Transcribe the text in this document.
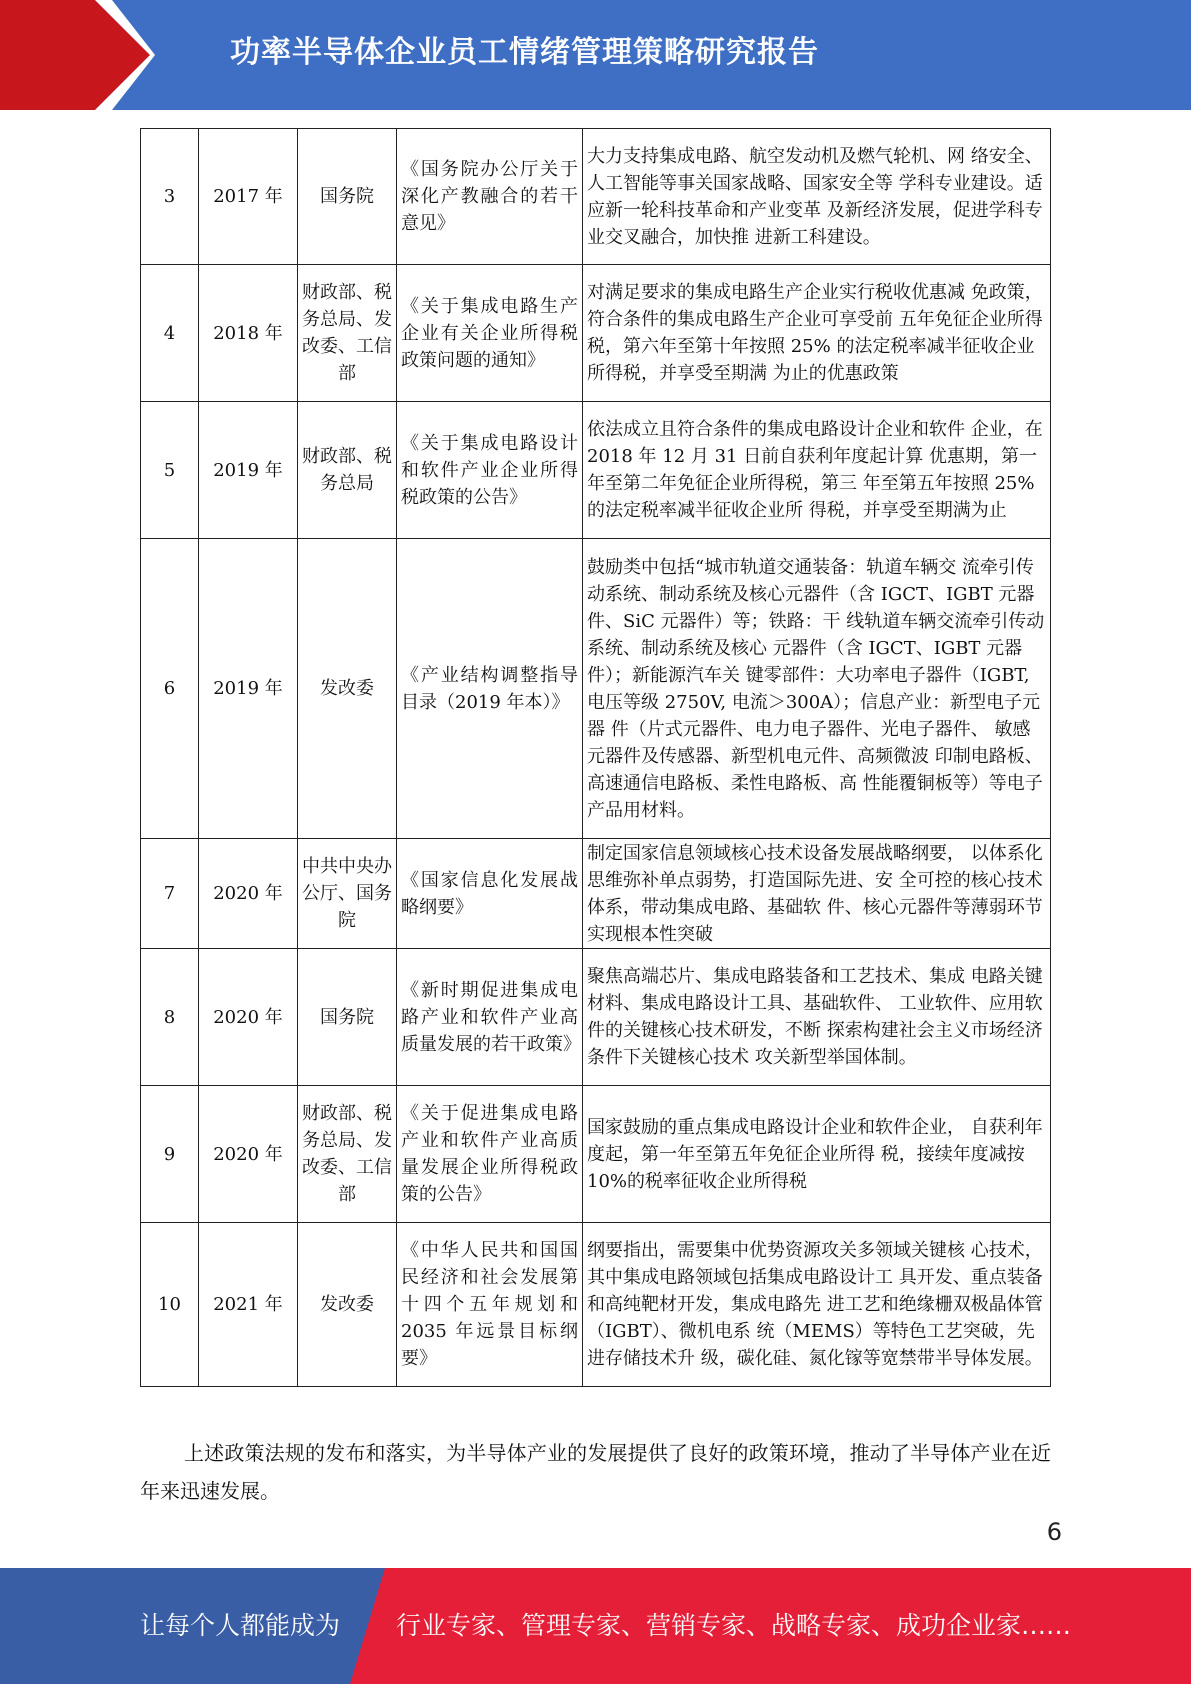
功率半导体企业员工情绪管理策略研究报告
3	2017 年	国务院	《国务院办公厅关于深化产教融合的若干意见》	大力支持集成电路、航空发动机及燃气轮机、网 络安全、人工智能等事关国家战略、国家安全等 学科专业建设。适应新一轮科技革命和产业变革 及新经济发展，促进学科专业交叉融合，加快推 进新工科建设。
4	2018 年	财政部、税务总局、发改委、工信部	《关于集成电路生产企业有关企业所得税政策问题的通知》	对满足要求的集成电路生产企业实行税收优惠减 免政策，符合条件的集成电路生产企业可享受前 五年免征企业所得税，第六年至第十年按照 25% 的法定税率减半征收企业所得税，并享受至期满 为止的优惠政策
5	2019 年	财政部、税务总局	《关于集成电路设计和软件产业企业所得税政策的公告》	依法成立且符合条件的集成电路设计企业和软件 企业，在 2018 年 12 月 31 日前自获利年度起计算 优惠期，第一年至第二年免征企业所得税，第三 年至第五年按照 25%的法定税率减半征收企业所 得税，并享受至期满为止
6	2019 年	发改委	《产业结构调整指导目录（2019 年本）》	鼓励类中包括“城市轨道交通装备：轨道车辆交 流牵引传动系统、制动系统及核心元器件（含 IGCT、IGBT 元器件、SiC 元器件）等；铁路：干 线轨道车辆交流牵引传动系统、制动系统及核心 元器件（含 IGCT、IGBT 元器件）；新能源汽车关 键零部件：大功率电子器件（IGBT, 电压等级 2750V, 电流＞300A）；信息产业：新型电子元器 件（片式元器件、电力电子器件、光电子器件、 敏感元器件及传感器、新型机电元件、高频微波 印制电路板、高速通信电路板、柔性电路板、高 性能覆铜板等）等电子产品用材料。
7	2020 年	中共中央办公厅、国务院	《国家信息化发展战略纲要》	制定国家信息领域核心技术设备发展战略纲要， 以体系化思维弥补单点弱势，打造国际先进、安 全可控的核心技术体系，带动集成电路、基础软 件、核心元器件等薄弱环节实现根本性突破
8	2020 年	国务院	《新时期促进集成电路产业和软件产业高质量发展的若干政策》	聚焦高端芯片、集成电路装备和工艺技术、集成 电路关键材料、集成电路设计工具、基础软件、 工业软件、应用软件的关键核心技术研发，不断 探索构建社会主义市场经济条件下关键核心技术 攻关新型举国体制。
9	2020 年	财政部、税务总局、发改委、工信部	《关于促进集成电路产业和软件产业高质量发展企业所得税政策的公告》	国家鼓励的重点集成电路设计企业和软件企业， 自获利年度起，第一年至第五年免征企业所得 税，接续年度减按 10%的税率征收企业所得税
10	2021 年	发改委	《中华人民共和国国民经济和社会发展第十四个五年规划和 2035 年远景目标纲要》	纲要指出，需要集中优势资源攻关多领域关键核 心技术，其中集成电路领域包括集成电路设计工 具开发、重点装备和高纯靶材开发，集成电路先 进工艺和绝缘栅双极晶体管（IGBT）、微机电系 统（MEMS）等特色工艺突破，先进存储技术升 级，碳化硅、氮化镓等宽禁带半导体发展。

上述政策法规的发布和落实，为半导体产业的发展提供了良好的政策环境，推动了半导体产业在近年来迅速发展。

6
让每个人都能成为 行业专家、管理专家、营销专家、战略专家、成功企业家……
